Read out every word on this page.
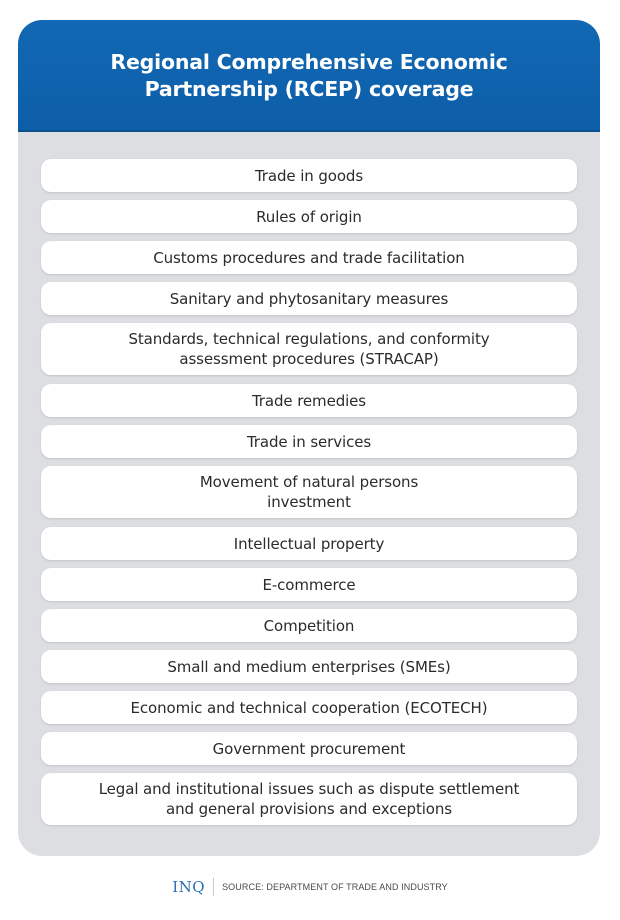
Regional Comprehensive Economic
Partnership (RCEP) coverage
Trade in goods
Rules of origin
Customs procedures and trade facilitation
Sanitary and phytosanitary measures
Standards, technical regulations, and conformity
assessment procedures (STRACAP)
Trade remedies
Trade in services
Movement of natural persons
investment
Intellectual property
E-commerce
Competition
Small and medium enterprises (SMEs)
Economic and technical cooperation (ECOTECH)
Government procurement
Legal and institutional issues such as dispute settlement
and general provisions and exceptions
INQ	SOURCE: DEPARTMENT OF TRADE AND INDUSTRY
